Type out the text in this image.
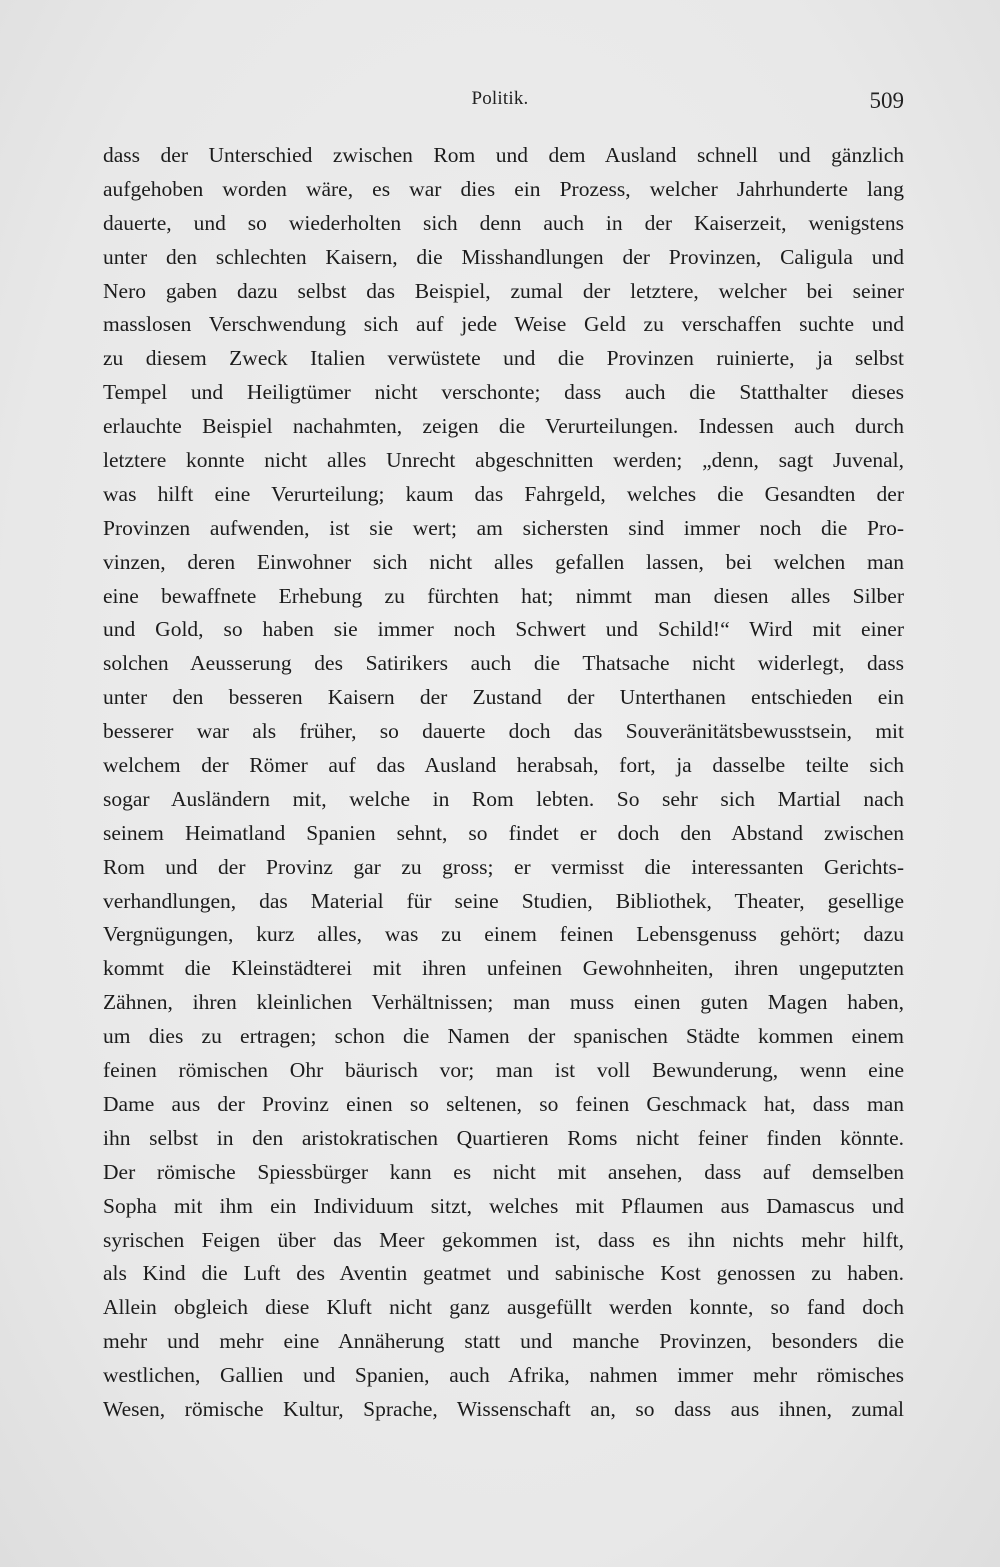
Politik.	509
dass der Unterschied zwischen Rom und dem Ausland schnell und gänzlich
aufgehoben worden wäre, es war dies ein Prozess, welcher Jahrhunderte lang
dauerte, und so wiederholten sich denn auch in der Kaiserzeit, wenigstens
unter den schlechten Kaisern, die Misshandlungen der Provinzen, Caligula und
Nero gaben dazu selbst das Beispiel, zumal der letztere, welcher bei seiner
masslosen Verschwendung sich auf jede Weise Geld zu verschaffen suchte und
zu diesem Zweck Italien verwüstete und die Provinzen ruinierte, ja selbst
Tempel und Heiligtümer nicht verschonte; dass auch die Statthalter dieses
erlauchte Beispiel nachahmten, zeigen die Verurteilungen. Indessen auch durch
letztere konnte nicht alles Unrecht abgeschnitten werden; „denn, sagt Juvenal,
was hilft eine Verurteilung; kaum das Fahrgeld, welches die Gesandten der
Provinzen aufwenden, ist sie wert; am sichersten sind immer noch die Pro-
vinzen, deren Einwohner sich nicht alles gefallen lassen, bei welchen man
eine bewaffnete Erhebung zu fürchten hat; nimmt man diesen alles Silber
und Gold, so haben sie immer noch Schwert und Schild!“ Wird mit einer
solchen Aeusserung des Satirikers auch die Thatsache nicht widerlegt, dass
unter den besseren Kaisern der Zustand der Unterthanen entschieden ein
besserer war als früher, so dauerte doch das Souveränitätsbewusstsein, mit
welchem der Römer auf das Ausland herabsah, fort, ja dasselbe teilte sich
sogar Ausländern mit, welche in Rom lebten. So sehr sich Martial nach
seinem Heimatland Spanien sehnt, so findet er doch den Abstand zwischen
Rom und der Provinz gar zu gross; er vermisst die interessanten Gerichts-
verhandlungen, das Material für seine Studien, Bibliothek, Theater, gesellige
Vergnügungen, kurz alles, was zu einem feinen Lebensgenuss gehört; dazu
kommt die Kleinstädterei mit ihren unfeinen Gewohnheiten, ihren ungeputzten
Zähnen, ihren kleinlichen Verhältnissen; man muss einen guten Magen haben,
um dies zu ertragen; schon die Namen der spanischen Städte kommen einem
feinen römischen Ohr bäurisch vor; man ist voll Bewunderung, wenn eine
Dame aus der Provinz einen so seltenen, so feinen Geschmack hat, dass man
ihn selbst in den aristokratischen Quartieren Roms nicht feiner finden könnte.
Der römische Spiessbürger kann es nicht mit ansehen, dass auf demselben
Sopha mit ihm ein Individuum sitzt, welches mit Pflaumen aus Damascus und
syrischen Feigen über das Meer gekommen ist, dass es ihn nichts mehr hilft,
als Kind die Luft des Aventin geatmet und sabinische Kost genossen zu haben.
Allein obgleich diese Kluft nicht ganz ausgefüllt werden konnte, so fand doch
mehr und mehr eine Annäherung statt und manche Provinzen, besonders die
westlichen, Gallien und Spanien, auch Afrika, nahmen immer mehr römisches
Wesen, römische Kultur, Sprache, Wissenschaft an, so dass aus ihnen, zumal
